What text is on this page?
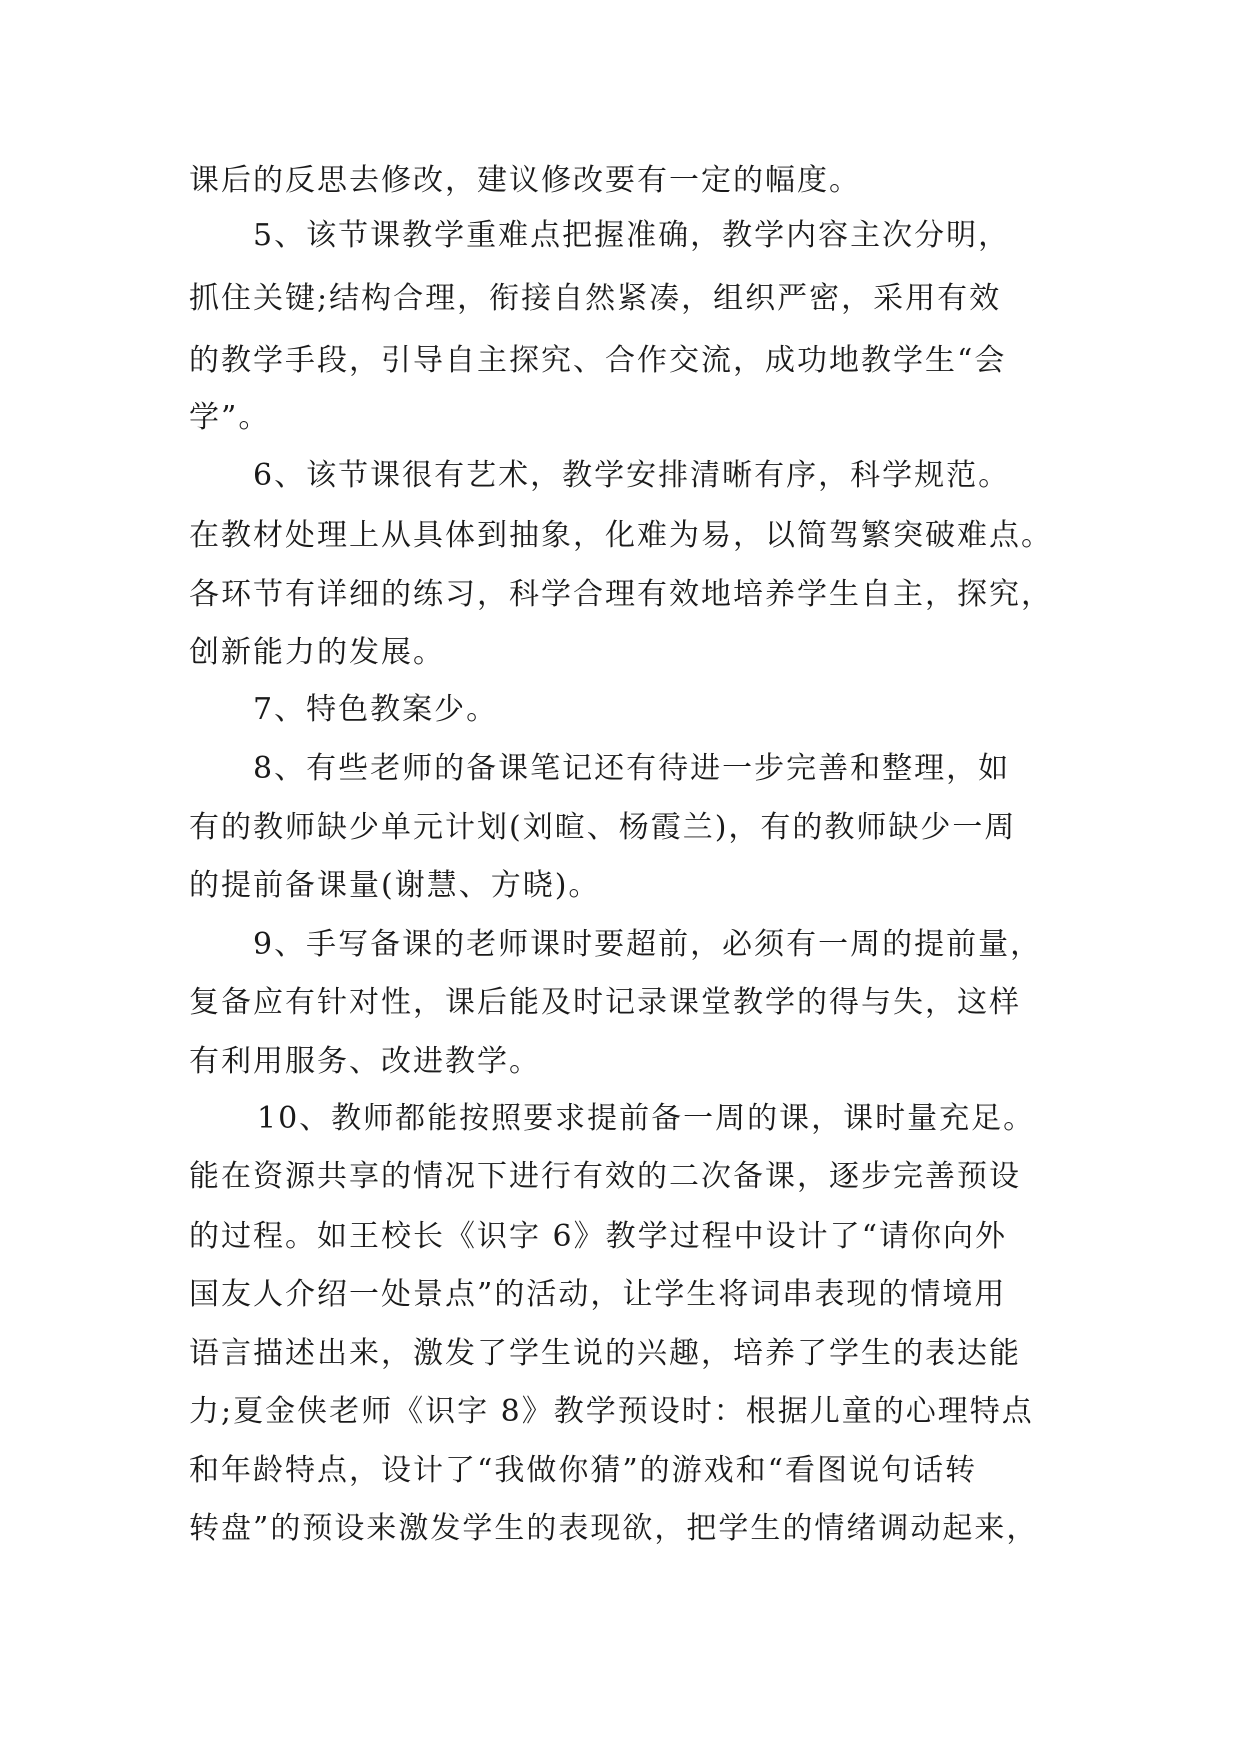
课后的反思去修改，建议修改要有一定的幅度。
5、该节课教学重难点把握准确，教学内容主次分明，
抓住关键;结构合理，衔接自然紧凑，组织严密，采用有效
的教学手段，引导自主探究、合作交流，成功地教学生“会
学”。
6、该节课很有艺术，教学安排清晰有序，科学规范。
在教材处理上从具体到抽象，化难为易，以简驾繁突破难点。
各环节有详细的练习，科学合理有效地培养学生自主，探究，
创新能力的发展。
7、特色教案少。
8、有些老师的备课笔记还有待进一步完善和整理，如
有的教师缺少单元计划(刘暄、杨霞兰)，有的教师缺少一周
的提前备课量(谢慧、方晓)。
9、手写备课的老师课时要超前，必须有一周的提前量，
复备应有针对性，课后能及时记录课堂教学的得与失，这样
有利用服务、改进教学。
10、教师都能按照要求提前备一周的课，课时量充足。
能在资源共享的情况下进行有效的二次备课，逐步完善预设
的过程。如王校长《识字 6》教学过程中设计了“请你向外
国友人介绍一处景点”的活动，让学生将词串表现的情境用
语言描述出来，激发了学生说的兴趣，培养了学生的表达能
力;夏金侠老师《识字 8》教学预设时：根据儿童的心理特点
和年龄特点，设计了“我做你猜”的游戏和“看图说句话转
转盘”的预设来激发学生的表现欲，把学生的情绪调动起来，
